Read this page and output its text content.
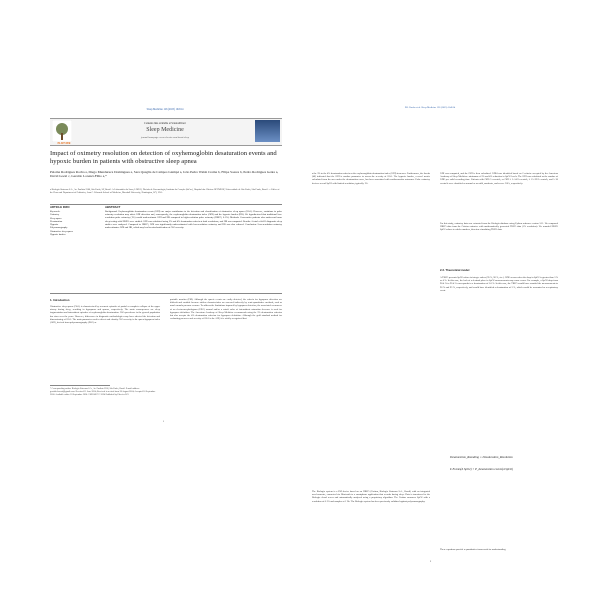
Sleep Medicine 126 (2025) 104514
ELSEVIER
Contents lists available at ScienceDirect
Sleep Medicine
journal homepage: www.elsevier.com/locate/sleep
Impact of oximetry resolution on detection of oxyhemoglobin desaturation events and hypoxic burden in patients with obstructive sleep apnea
Paloma Rodrigues Rocha a, Diego Munduruca Domingues a, Sara Quaglia de Campos Giampá a, João Pedro Walsh Crema b, Filipe Soares b, Pedro Rodrigues Genta a, David Gozal c, Geraldo Lorenzi-Filho a,*
a Biologix Sistemas S.A., Av. Paulista 2300, São Paulo, SP, Brazil · b Laboratório do Sono, LIM 63, Divisão de Pneumologia, Instituto do Coração (InCor), Hospital das Clínicas HCFMUSP, Universidade de São Paulo, São Paulo, Brazil · c Office of the Dean and Department of Pediatrics, Joan C. Edwards School of Medicine, Marshall University, Huntington, WV, USA
ARTICLE INFO	ABSTRACT
Keywords:
Oximetry
Sleep apnea
Desaturation
Hypoxia
Polysomnography
Obstructive sleep apnea
Hypoxic burden
Background: Oxyhemoglobin desaturation events (ODI) are major contributors to the detection and classification of obstructive sleep apnea (OSA). However, variations in pulse oximetry resolution may affect ODI detection and, consequently, the oxyhemoglobin desaturation index (ODI) and the hypoxic burden (HB). We hypothesized that traditional low-resolution pulse oximetry (1%) would underestimate ODI and HB compared to high-resolution pulse oximetry (HRPO, 0.1%). Methods: Consecutive patients who underwent home sleep testing with HRPO were studied. ODI was calculated using 3% and 4% desaturation criteria at both resolutions, and HB was computed. Results: A total of 4411 diagnostic sleep studies were analyzed. Compared to HRPO, ODI was significantly underestimated with low-resolution oximetry and HB was also reduced. Conclusion: Low-resolution oximetry underestimates ODI and HB, which may lead to misclassification of OSA severity.
1. Introduction
Obstructive sleep apnea (OSA) is characterized by recurrent episodes of partial or complete collapse of the upper airway during sleep, resulting in hypopneas and apneas, respectively. The main consequences are sleep fragmentation and intermittent episodes of oxyhemoglobin desaturation. OSA prevalence in the general population has risen over the years. However, differences in diagnostic methodologies may have affected the detection and dimensioning of OSA. The main parameter used to detect and classify OSA severity is the apnea-hypopnea index (AHI), derived from polysomnography (PSG) or
portable monitor (PM). Although the apneic events are easily detected, the criteria for hypopnea detection are difficult and variable because airflow characteristics are assessed indirectly by semi-quantitative methods, such as nasal cannula pressure sensors. To address the limitations imposed by hypopnea detection, the associated occurrence of an electroencephalogram (EEG) arousal and/or a cutoff value of intermittent saturation decrease is used for hypopnea definition. The American Academy of Sleep Medicine recommends using the 3% desaturation criterion but also accepts the 4% desaturation criterion for hypopnea definition. Although the gold standard method for evaluating presence and severity of OSA is the AHI, it is widely recognized that
* Corresponding author. Biologix Sistemas S.A., Av. Paulista 2300, São Paulo, Brazil. E-mail address: geraldo.lorenzi@gmail.com. Received 11 June 2024; Received in revised form 28 August 2024; Accepted 16 September 2024. Available online 18 September 2024. 1389-9457/© 2024 Published by Elsevier B.V.
1
P.R. Rocha et al. Sleep Medicine 126 (2025) 104514
a the 3% to the 4% desaturation criteria as the oxyhemoglobin desaturation index (ODI) increases. Furthermore, the Jacobs [48] indicated that the ODI is another parameter to assess the severity of OSA. The hypoxic burden, a novel metric calculated from the area under the desaturation curve, has been associated with cardiovascular outcomes. Pulse oximetry devices record SpO2 with limited resolution, typically 1%.
The Biologix system is a PM device based on an HRPO (Oxistar, Biologix Sistemas S.A., Brazil) with an integrated accelerometer, connected via Bluetooth to a smartphone application that records during sleep. Data is transferred to the Biologix cloud server and automatically analyzed using a proprietary algorithm. The Oxistar measures SpO2 with a resolution of 0.1% and samples at 1 Hz. The Biologix system has been previously validated against polysomnography.
ODI was computed, and the ODI is then calculated. ODI4 was identified based on 2 criteria: accepted by the American Academy of Sleep Medicine: minimum of 3% and 4% reduction in SpO2 levels. The ODI was calculated as the number of ODE per valid recording time. Patients with ODI<5 events/h, or ODI ≥ 5–14.9 events/h, ≥ 15–29.9 events/h, and ≥ 30 events/h were classified as normal or as mild, moderate, and severe OSA, respectively.
For this study, oximetry data was extracted from the Biologix database using Python software version 3.11. We compared HRPO data from the Oxistar oximeter with mathematically generated TRPO data (1% resolution). We rounded HRPO SpO2 values to whole numbers, therefore simulating TRPO data.
2.3. Theoretical model
A TRPO presents SpO2 values in integer values (95 %, 96 %, etc.). ODE occurs when the drop in SpO2 is greater than 3 % or 4 %. In this case, the lack of a decimal place in SpO2 measurements may cause errors. For example, a SpO2 drop from 96.4 % to 93.4 % corresponds to a desaturation of 3.0 %. In this case, the TRPO would have rounded the measurements to 96 % and 93 %, respectively, and would have identified a desaturation of 3 %, which would be accounted as a respiratory event.
Desaturation_Rounding = Desaturation_Resolution
Σ Events(Δ SpO2) × P_desaturation events(Δ SpO2)
These equations provide a quantitative framework for understanding
2
